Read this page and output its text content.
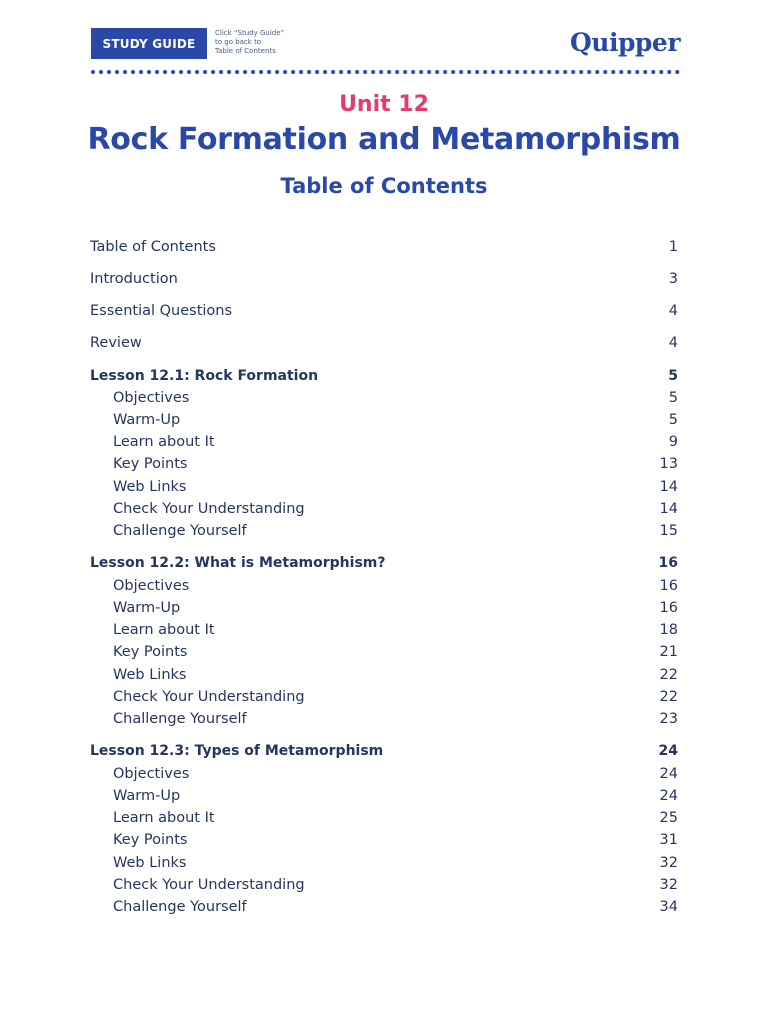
STUDY GUIDE
Click “Study Guide”
to go back to
Table of Contents	Quipper
Unit 12
Rock Formation and Metamorphism
Table of Contents
Table of Contents	1
Introduction	3
Essential Questions	4
Review	4
Lesson 12.1: Rock Formation	5
Objectives	5
Warm-Up	5
Learn about It	9
Key Points	13
Web Links	14
Check Your Understanding	14
Challenge Yourself	15
Lesson 12.2: What is Metamorphism?	16
Objectives	16
Warm-Up	16
Learn about It	18
Key Points	21
Web Links	22
Check Your Understanding	22
Challenge Yourself	23
Lesson 12.3: Types of Metamorphism	24
Objectives	24
Warm-Up	24
Learn about It	25
Key Points	31
Web Links	32
Check Your Understanding	32
Challenge Yourself	34
